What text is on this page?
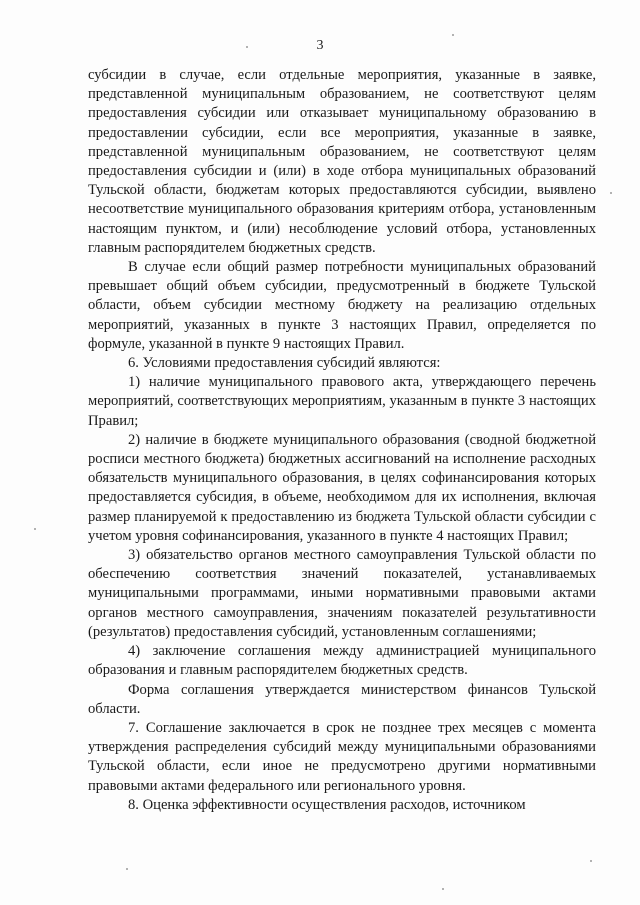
3

субсидии в случае, если отдельные мероприятия, указанные в заявке, представленной муниципальным образованием, не соответствуют целям предоставления субсидии или отказывает муниципальному образованию в предоставлении субсидии, если все мероприятия, указанные в заявке, представленной муниципальным образованием, не соответствуют целям предоставления субсидии и (или) в ходе отбора муниципальных образований Тульской области, бюджетам которых предоставляются субсидии, выявлено несоответствие муниципального образования критериям отбора, установленным настоящим пунктом, и (или) несоблюдение условий отбора, установленных главным распорядителем бюджетных средств.

В случае если общий размер потребности муниципальных образований превышает общий объем субсидии, предусмотренный в бюджете Тульской области, объем субсидии местному бюджету на реализацию отдельных мероприятий, указанных в пункте 3 настоящих Правил, определяется по формуле, указанной в пункте 9 настоящих Правил.

6. Условиями предоставления субсидий являются:

1) наличие муниципального правового акта, утверждающего перечень мероприятий, соответствующих мероприятиям, указанным в пункте 3 настоящих Правил;

2) наличие в бюджете муниципального образования (сводной бюджетной росписи местного бюджета) бюджетных ассигнований на исполнение расходных обязательств муниципального образования, в целях софинансирования которых предоставляется субсидия, в объеме, необходимом для их исполнения, включая размер планируемой к предоставлению из бюджета Тульской области субсидии с учетом уровня софинансирования, указанного в пункте 4 настоящих Правил;

3) обязательство органов местного самоуправления Тульской области по обеспечению соответствия значений показателей, устанавливаемых муниципальными программами, иными нормативными правовыми актами органов местного самоуправления, значениям показателей результативности (результатов) предоставления субсидий, установленным соглашениями;

4) заключение соглашения между администрацией муниципального образования и главным распорядителем бюджетных средств.

Форма соглашения утверждается министерством финансов Тульской области.

7. Соглашение заключается в срок не позднее трех месяцев с момента утверждения распределения субсидий между муниципальными образованиями Тульской области, если иное не предусмотрено другими нормативными правовыми актами федерального или регионального уровня.

8. Оценка эффективности осуществления расходов, источником
